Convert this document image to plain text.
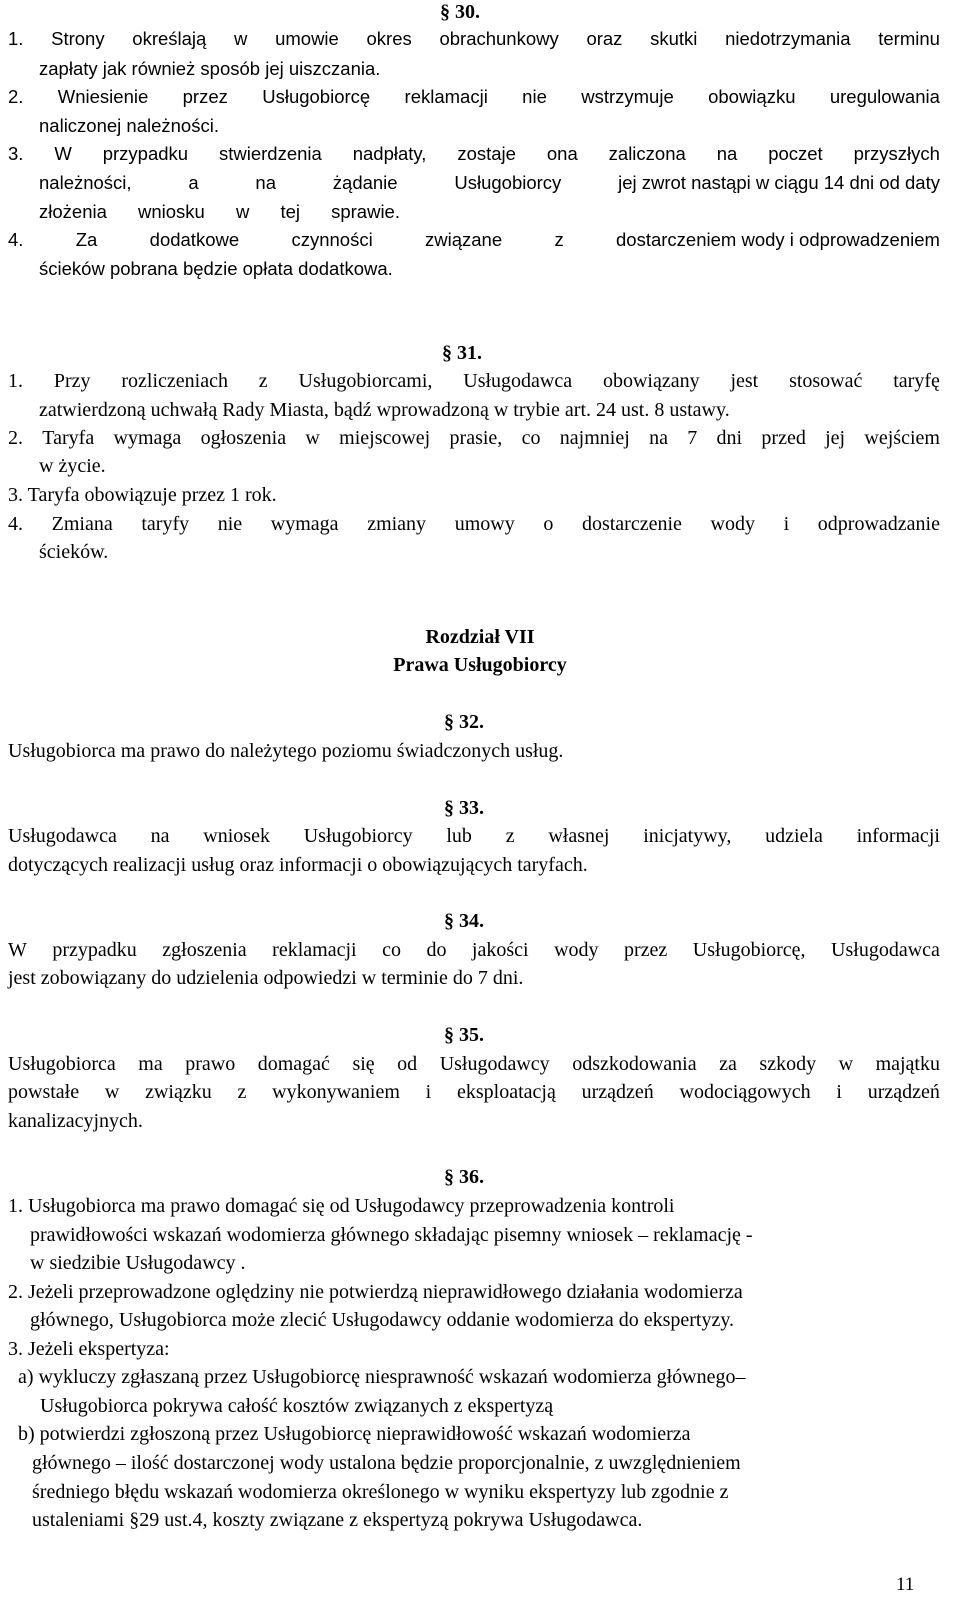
§ 30.
1. Strony określają w umowie okres obrachunkowy oraz skutki niedotrzymania terminu
zapłaty jak również sposób jej uiszczania.
2. Wniesienie przez Usługobiorcę reklamacji nie wstrzymuje obowiązku uregulowania
naliczonej należności.
3. W przypadku stwierdzenia nadpłaty, zostaje ona zaliczona na poczet przyszłych
należności,	a	na	żądanie	Usługobiorcy	jej zwrot nastąpi w ciągu 14 dni od daty
złożenia wniosku w tej sprawie.
4.	Za	dodatkowe	czynności	związane	z	dostarczeniem wody i odprowadzeniem
ścieków pobrana będzie opłata dodatkowa.
§ 31.
1. Przy rozliczeniach z Usługobiorcami, Usługodawca obowiązany jest stosować taryfę
zatwierdzoną uchwałą Rady Miasta, bądź wprowadzoną w trybie art. 24 ust. 8 ustawy.
2. Taryfa wymaga ogłoszenia w miejscowej prasie, co najmniej na 7 dni przed jej wejściem
w życie.
3. Taryfa obowiązuje przez 1 rok.
4. Zmiana taryfy nie wymaga zmiany umowy o dostarczenie wody i odprowadzanie
ścieków.
Rozdział VII
Prawa Usługobiorcy
§ 32.
Usługobiorca ma prawo do należytego poziomu świadczonych usług.
§ 33.
Usługodawca na wniosek Usługobiorcy lub z własnej inicjatywy, udziela informacji
dotyczących realizacji usług oraz informacji o obowiązujących taryfach.
§ 34.
W przypadku zgłoszenia reklamacji co do jakości wody przez Usługobiorcę, Usługodawca
jest zobowiązany do udzielenia odpowiedzi w terminie do 7 dni.
§ 35.
Usługobiorca ma prawo domagać się od Usługodawcy odszkodowania za szkody w majątku
powstałe w związku z wykonywaniem i eksploatacją urządzeń wodociągowych i urządzeń
kanalizacyjnych.
§ 36.
1. Usługobiorca ma prawo domagać się od Usługodawcy przeprowadzenia kontroli
prawidłowości wskazań wodomierza głównego składając pisemny wniosek – reklamację -
w siedzibie Usługodawcy .
2. Jeżeli przeprowadzone oględziny nie potwierdzą nieprawidłowego działania wodomierza
głównego, Usługobiorca może zlecić Usługodawcy oddanie wodomierza do ekspertyzy.
3. Jeżeli ekspertyza:
a) wykluczy zgłaszaną przez Usługobiorcę niesprawność wskazań wodomierza głównego–
Usługobiorca pokrywa całość kosztów związanych z ekspertyzą
b) potwierdzi zgłoszoną przez Usługobiorcę nieprawidłowość wskazań wodomierza
głównego – ilość dostarczonej wody ustalona będzie proporcjonalnie, z uwzględnieniem
średniego błędu wskazań wodomierza określonego w wyniku ekspertyzy lub zgodnie z
ustaleniami §29 ust.4, koszty związane z ekspertyzą pokrywa Usługodawca.
11
